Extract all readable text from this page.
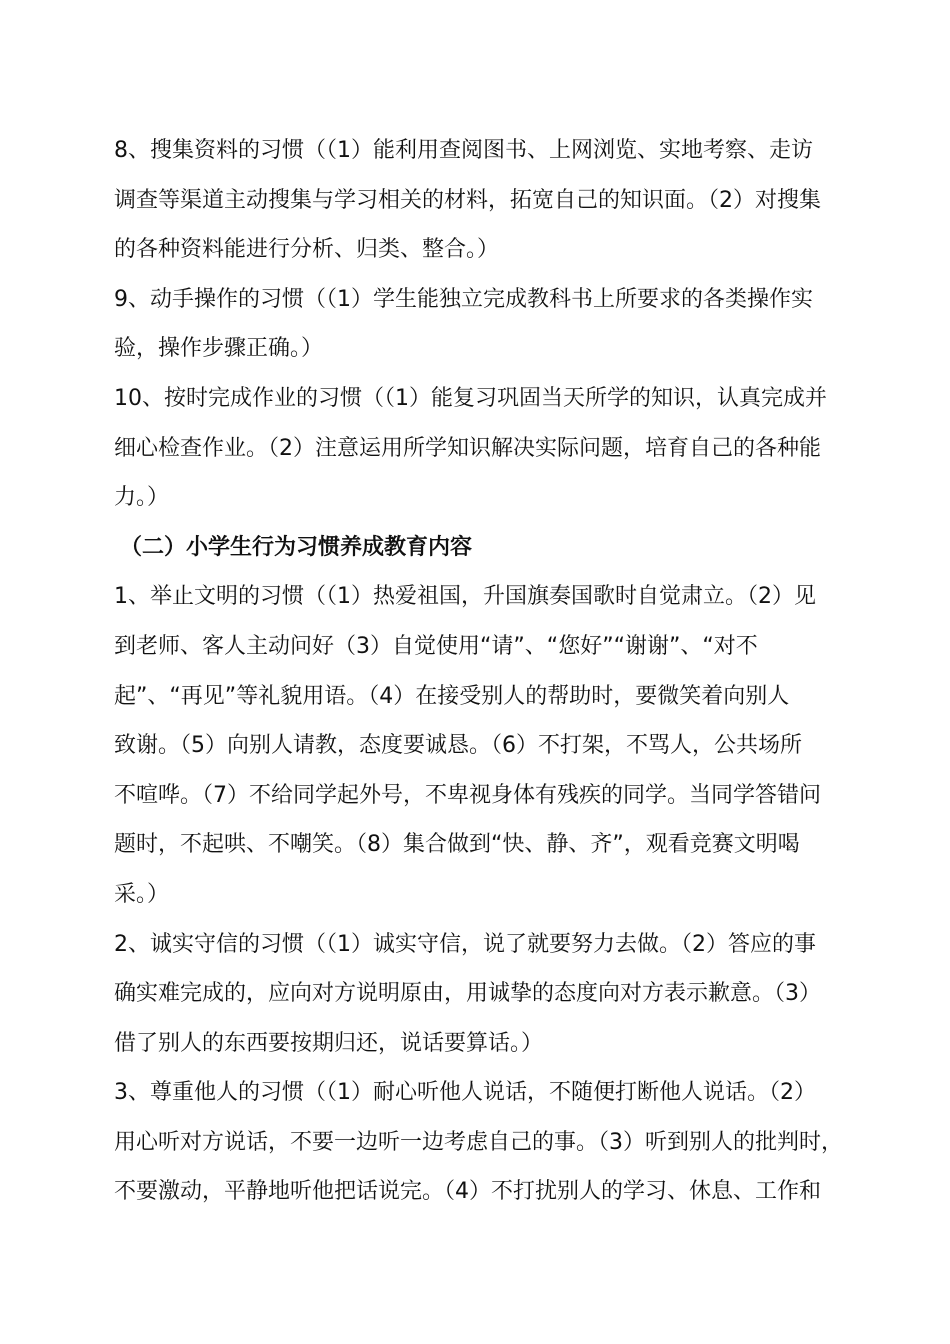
8、搜集资料的习惯（（1）能利用查阅图书、上网浏览、实地考察、走访
调查等渠道主动搜集与学习相关的材料，拓宽自己的知识面。（2）对搜集
的各种资料能进行分析、归类、整合。）
9、动手操作的习惯（（1）学生能独立完成教科书上所要求的各类操作实
验，操作步骤正确。）
10、按时完成作业的习惯（（1）能复习巩固当天所学的知识，认真完成并
细心检查作业。（2）注意运用所学知识解决实际问题，培育自己的各种能
力。）
（二）小学生行为习惯养成教育内容
1、举止文明的习惯（（1）热爱祖国，升国旗奏国歌时自觉肃立。（2）见
到老师、客人主动问好（3）自觉使用“请”、“您好”“谢谢”、“对不
起”、“再见”等礼貌用语。（4）在接受别人的帮助时，要微笑着向别人
致谢。（5）向别人请教，态度要诚恳。（6）不打架，不骂人，公共场所
不喧哗。（7）不给同学起外号，不卑视身体有残疾的同学。当同学答错问
题时，不起哄、不嘲笑。（8）集合做到“快、静、齐”，观看竞赛文明喝
采。）
2、诚实守信的习惯（（1）诚实守信，说了就要努力去做。（2）答应的事
确实难完成的，应向对方说明原由，用诚挚的态度向对方表示歉意。（3）
借了别人的东西要按期归还，说话要算话。）
3、尊重他人的习惯（（1）耐心听他人说话，不随便打断他人说话。（2）
用心听对方说话，不要一边听一边考虑自己的事。（3）听到别人的批判时，
不要激动，平静地听他把话说完。（4）不打扰别人的学习、休息、工作和
